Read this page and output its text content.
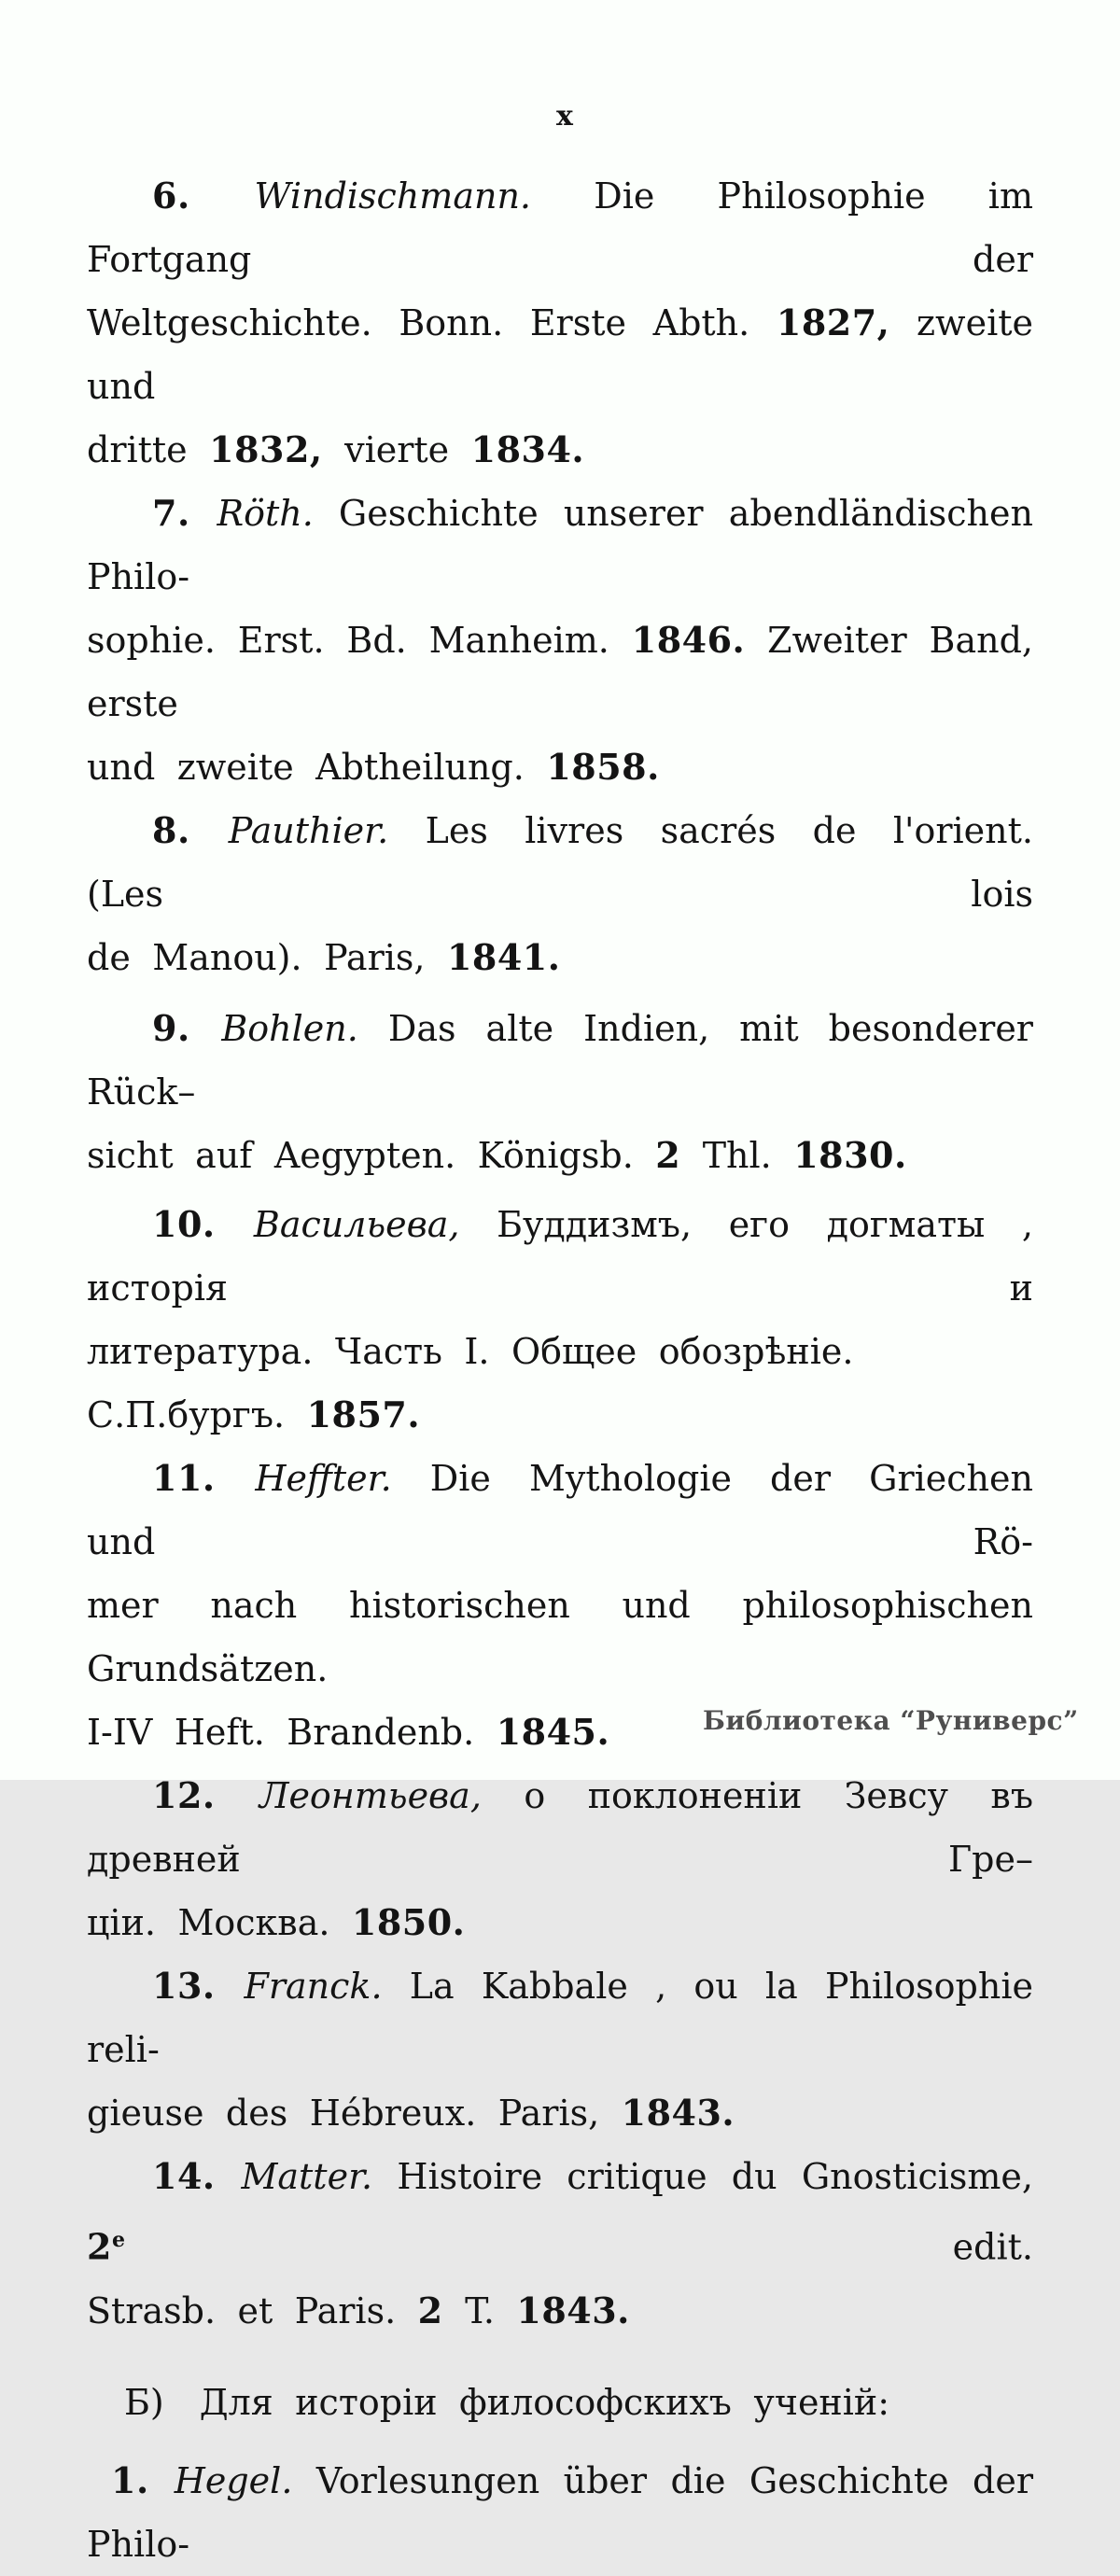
x
6. Windischmann. Die Philosophie im Fortgang der
Weltgeschichte. Bonn. Erste Abth. 1827, zweite und
dritte 1832, vierte 1834.
7. Röth. Geschichte unserer abendländischen Philo-
sophie. Erst. Bd. Manheim. 1846. Zweiter Band, erste
und zweite Abtheilung. 1858.
8. Pauthier. Les livres sacrés de l'orient. (Les lois
de Manou). Paris, 1841.
9. Bohlen. Das alte Indien, mit besonderer Rück–
sicht auf Aegypten. Königsb. 2 Thl. 1830.
10. Васильева, Буддизмъ, его догматы , исторія и
литература. Часть I. Общее обозрѣніе. С.П.бургъ. 1857.
11. Heffter. Die Mythologie der Griechen und Rö-
mer nach historischen und philosophischen Grundsätzen.
I-IV Heft. Brandenb. 1845.
12. Леонтьева, о поклоненіи Зевсу въ древней Гре–
ціи. Москва. 1850.
13. Franck. La Kabbale , ou la Philosophie reli-
gieuse des Hébreux. Paris, 1843.
14. Matter. Histoire critique du Gnosticisme, 2e edit.
Strasb. et Paris. 2 T. 1843.
Б) Для исторіи философскихъ ученій:
1. Hegel. Vorlesungen über die Geschichte der Philo-
Библиотека “Руниверс”
